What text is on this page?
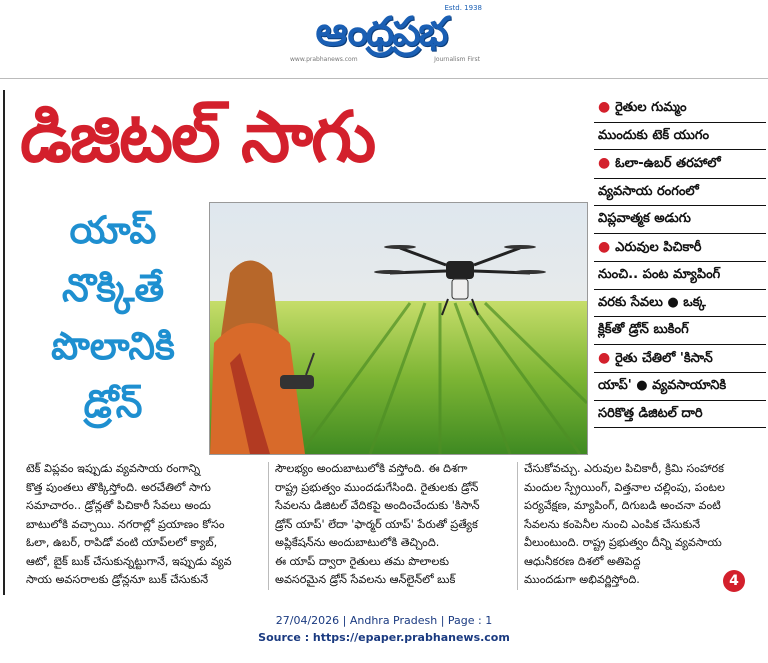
Estd. 1938
ఆంధ్రప్రభ
www.prabhanews.com	Journalism First
డిజిటల్ సాగు
యాప్
నొక్కితే
పొలానికి
డ్రోన్
● రైతుల గుమ్మం
ముందుకు టెక్ యుగం
● ఓలా-ఉబర్ తరహాలో
వ్యవసాయ రంగంలో
విప్లవాత్మక అడుగు
● ఎరువుల పిచికారీ
నుంచి.. పంట మ్యాపింగ్
వరకు సేవలు ● ఒక్క
క్లిక్‌తో డ్రోన్ బుకింగ్
● రైతు చేతిలో 'కిసాన్
యాప్' ● వ్యవసాయానికి
సరికొత్త డిజిటల్ దారి
టెక్ విప్లవం ఇప్పుడు వ్యవసాయ రంగాన్ని
కొత్త పుంతలు తొక్కిస్తోంది. అరచేతిలో సాగు
సమాచారం.. డ్రోన్లతో పిచికారీ సేవలు అందు
బాటులోకి వచ్చాయి. నగరాల్లో ప్రయాణం కోసం
ఓలా, ఉబర్, రాపిడో వంటి యాప్‌లలో క్యాబ్,
ఆటో, బైక్ బుక్ చేసుకున్నట్టుగానే, ఇప్పుడు వ్యవ
సాయ అవసరాలకు డ్రోన్లనూ బుక్ చేసుకునే
సౌలభ్యం అందుబాటులోకి వస్తోంది. ఈ దిశగా
రాష్ట్ర ప్రభుత్వం ముందడుగేసింది. రైతులకు డ్రోన్
సేవలను డిజిటల్ వేదికపై అందించేందుకు 'కిసాన్
డ్రోన్ యాప్' లేదా 'ఫార్మర్ యాప్' పేరుతో ప్రత్యేక
అప్లికేషన్‌ను అందుబాటులోకి తెచ్చింది.
ఈ యాప్ ద్వారా రైతులు తమ పొలాలకు
అవసరమైన డ్రోన్ సేవలను ఆన్‌లైన్‌లో బుక్
చేసుకోవచ్చు. ఎరువుల పిచికారీ, క్రిమి సంహారక
మందుల స్ప్రేయింగ్, విత్తనాల చల్లింపు, పంటల
పర్యవేక్షణ, మ్యాపింగ్, దిగుబడి అంచనా వంటి
సేవలను కంపెనీల నుంచి ఎంపిక చేసుకునే
వీలుంటుంది. రాష్ట్ర ప్రభుత్వం దీన్ని వ్యవసాయ
ఆధునీకరణ దిశలో అతిపెద్ద
ముందడుగా అభివర్ణిస్తోంది.	4
27/04/2026 | Andhra Pradesh | Page : 1
Source : https://epaper.prabhanews.com
